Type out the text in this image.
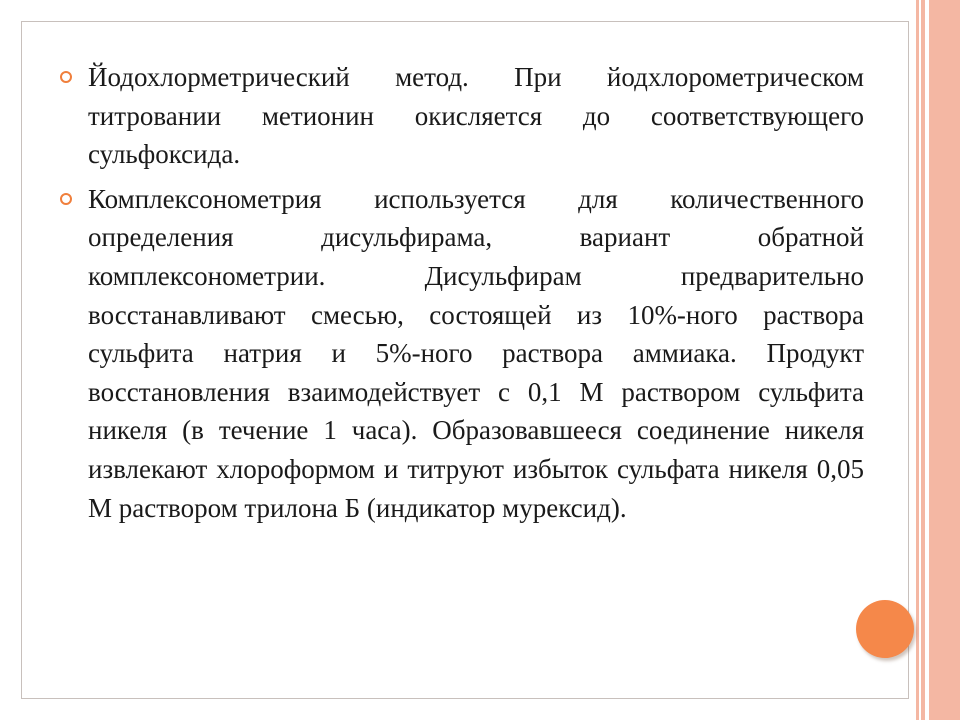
Йодохлорметрический метод. При йодхлорометрическом титровании метионин окисляется до соответствующего сульфоксида.

Комплексонометрия используется для количественного определения дисульфирама, вариант обратной комплексонометрии. Дисульфирам предварительно восстанавливают смесью, состоящей из 10%-ного раствора сульфита натрия и 5%-ного раствора аммиака. Продукт восстановления взаимодействует с 0,1 М раствором сульфита никеля (в течение 1 часа). Образовавшееся соединение никеля извлекают хлороформом и титруют избыток сульфата никеля 0,05 М раствором трилона Б (индикатор мурексид).
